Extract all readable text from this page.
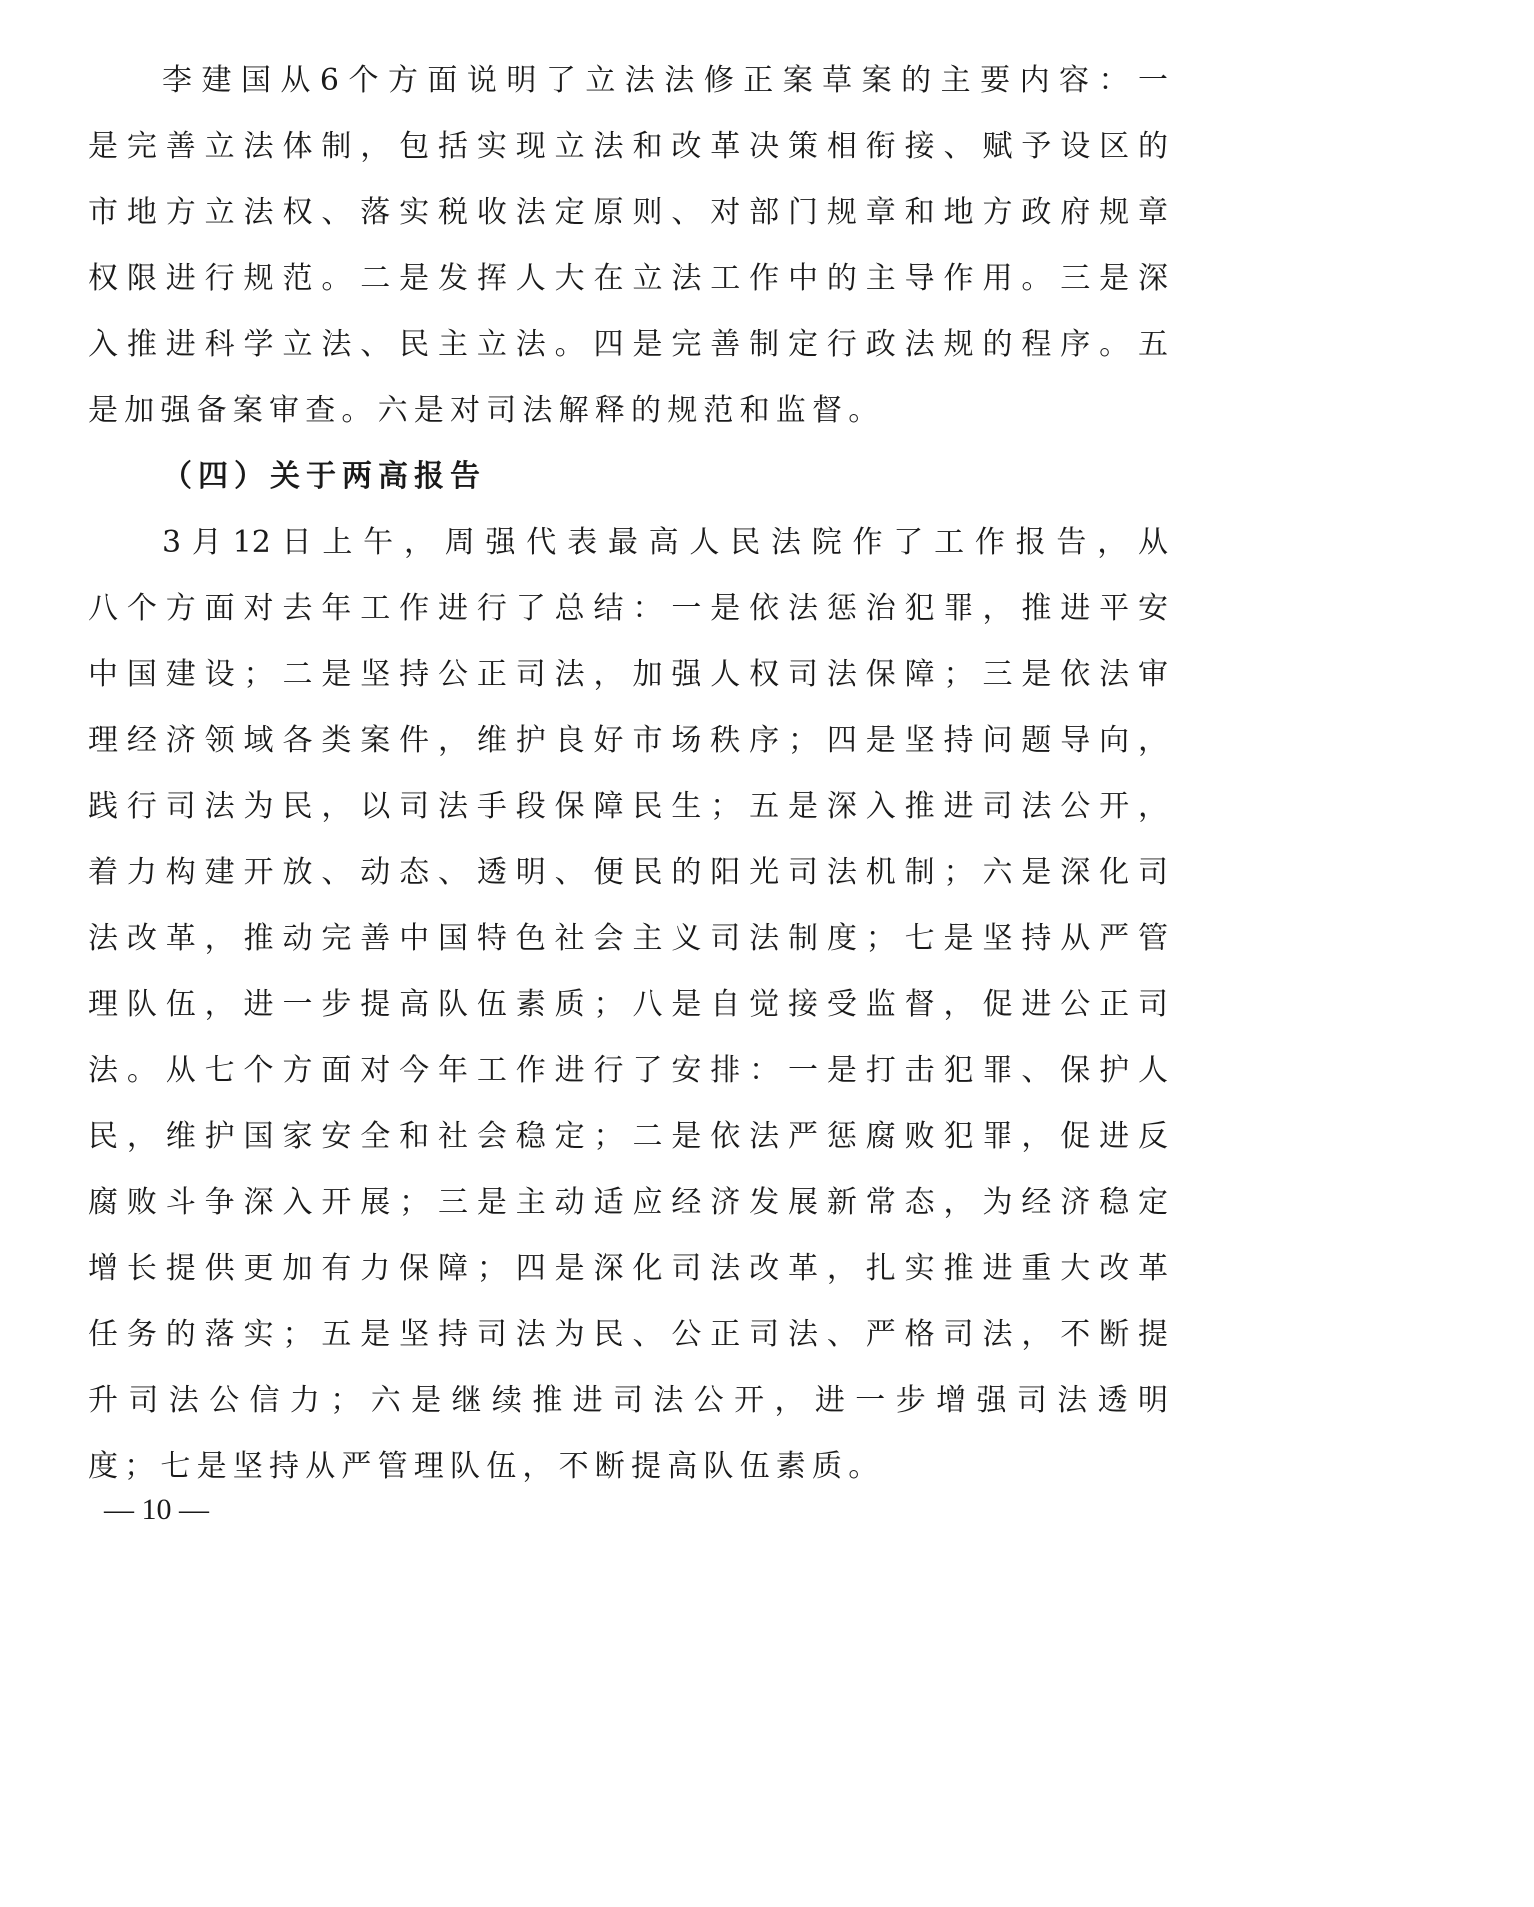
李建国从6个方面说明了立法法修正案草案的主要内容：一
是完善立法体制，包括实现立法和改革决策相衔接、赋予设区的
市地方立法权、落实税收法定原则、对部门规章和地方政府规章
权限进行规范。二是发挥人大在立法工作中的主导作用。三是深
入推进科学立法、民主立法。四是完善制定行政法规的程序。五
是加强备案审查。六是对司法解释的规范和监督。
（四）关于两高报告
3月12日上午，周强代表最高人民法院作了工作报告，从
八个方面对去年工作进行了总结：一是依法惩治犯罪，推进平安
中国建设；二是坚持公正司法，加强人权司法保障；三是依法审
理经济领域各类案件，维护良好市场秩序；四是坚持问题导向，
践行司法为民，以司法手段保障民生；五是深入推进司法公开，
着力构建开放、动态、透明、便民的阳光司法机制；六是深化司
法改革，推动完善中国特色社会主义司法制度；七是坚持从严管
理队伍，进一步提高队伍素质；八是自觉接受监督，促进公正司
法。从七个方面对今年工作进行了安排：一是打击犯罪、保护人
民，维护国家安全和社会稳定；二是依法严惩腐败犯罪，促进反
腐败斗争深入开展；三是主动适应经济发展新常态，为经济稳定
增长提供更加有力保障；四是深化司法改革，扎实推进重大改革
任务的落实；五是坚持司法为民、公正司法、严格司法，不断提
升司法公信力；六是继续推进司法公开，进一步增强司法透明
度；七是坚持从严管理队伍，不断提高队伍素质。
— 10 —
